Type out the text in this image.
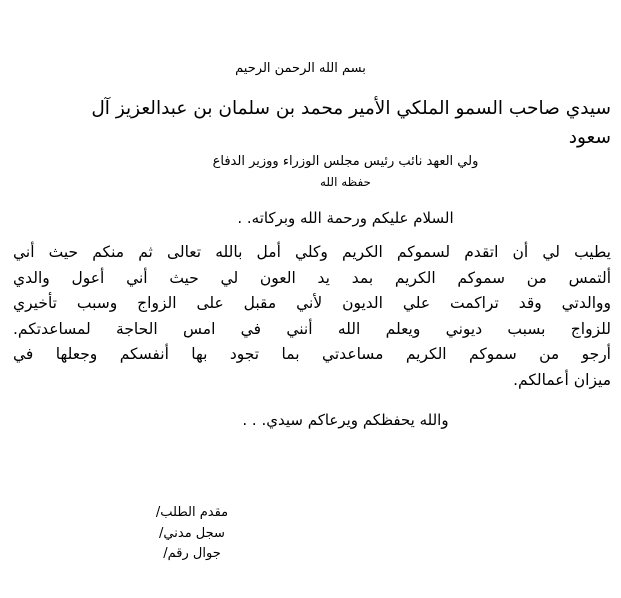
بسم الله الرحمن الرحيم
سيدي صاحب السمو الملكي الأمير محمد بن سلمان بن عبدالعزيز آل
سعود
ولي العهد نائب رئيس مجلس الوزراء ووزير الدفاع
حفظه الله
السلام عليكم ورحمة الله وبركاته. .
يطيب لي أن اتقدم لسموكم الكريم وكلي أمل بالله تعالى ثم منكم حيث أني
ألتمس من سموكم الكريم بمد يد العون لي حيث أني أعول والدي
ووالدتي وقد تراكمت علي الديون لأني مقبل على الزواج وسبب تأخيري
للزواج بسبب ديوني ويعلم الله أنني في امس الحاجة لمساعدتكم.
أرجو من سموكم الكريم مساعدتي بما تجود بها أنفسكم وجعلها في
ميزان أعمالكم.
والله يحفظكم ويرعاكم سيدي. . .
مقدم الطلب/
سجل مدني/
جوال رقم/
